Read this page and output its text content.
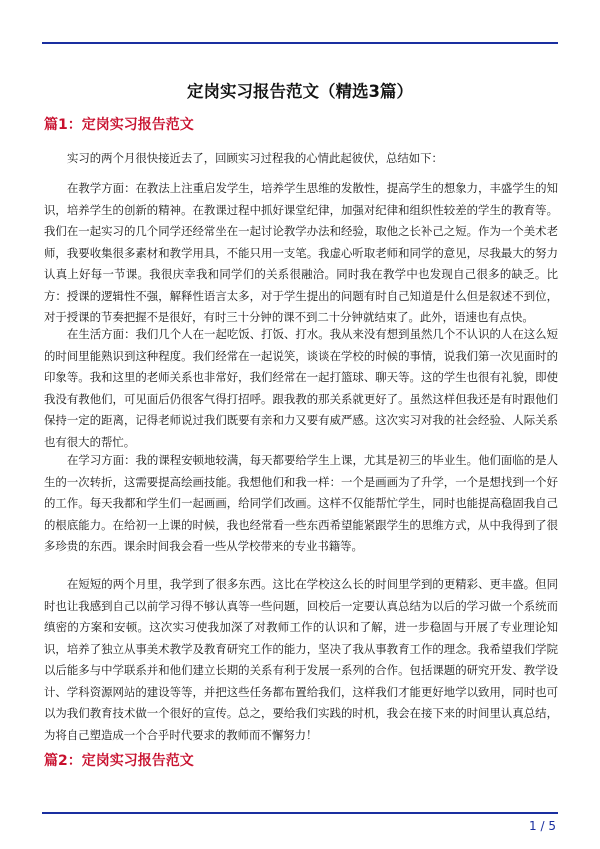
定岗实习报告范文（精选3篇）
篇1：定岗实习报告范文

实习的两个月很快接近去了，回顾实习过程我的心情此起彼伏，总结如下：

在教学方面：在教法上注重启发学生，培养学生思维的发散性，提高学生的想象力，丰盛学生的知识，培养学生的创新的精神。在教课过程中抓好课堂纪律，加强对纪律和组织性较差的学生的教育等。我们在一起实习的几个同学还经常坐在一起讨论教学办法和经验，取他之长补己之短。作为一个美术老师，我要收集很多素材和教学用具，不能只用一支笔。我虚心听取老师和同学的意见，尽我最大的努力认真上好每一节课。我很庆幸我和同学们的关系很融洽。同时我在教学中也发现自己很多的缺乏。比方：授课的逻辑性不强，解释性语言太多，对于学生提出的问题有时自己知道是什么但是叙述不到位，对于授课的节奏把握不是很好，有时三十分钟的课不到二十分钟就结束了。此外，语速也有点快。

在生活方面：我们几个人在一起吃饭、打饭、打水。我从来没有想到虽然几个不认识的人在这么短的时间里能熟识到这种程度。我们经常在一起说笑，谈谈在学校的时候的事情，说我们第一次见面时的印象等。我和这里的老师关系也非常好，我们经常在一起打篮球、聊天等。这的学生也很有礼貌，即使我没有教他们，可见面后仍很客气得打招呼。跟我教的那关系就更好了。虽然这样但我还是有时跟他们保持一定的距离，记得老师说过我们既要有亲和力又要有威严感。这次实习对我的社会经验、人际关系也有很大的帮忙。

在学习方面：我的课程安顿地较满，每天都要给学生上课，尤其是初三的毕业生。他们面临的是人生的一次转折，这需要提高绘画技能。我想他们和我一样：一个是画画为了升学，一个是想找到一个好的工作。每天我都和学生们一起画画，给同学们改画。这样不仅能帮忙学生，同时也能提高稳固我自己的根底能力。在给初一上课的时候，我也经常看一些东西希望能紧跟学生的思维方式，从中我得到了很多珍贵的东西。课余时间我会看一些从学校带来的专业书籍等。

在短短的两个月里，我学到了很多东西。这比在学校这么长的时间里学到的更精彩、更丰盛。但同时也让我感到自己以前学习得不够认真等一些问题，回校后一定要认真总结为以后的学习做一个系统而缜密的方案和安顿。这次实习使我加深了对教师工作的认识和了解，进一步稳固与开展了专业理论知识，培养了独立从事美术教学及教育研究工作的能力，坚决了我从事教育工作的理念。我希望我们学院以后能多与中学联系并和他们建立长期的关系有利于发展一系列的合作。包括课题的研究开发、教学设计、学科资源网站的建设等等，并把这些任务都布置给我们，这样我们才能更好地学以致用，同时也可以为我们教育技术做一个很好的宣传。总之，要给我们实践的时机，我会在接下来的时间里认真总结，为将自己塑造成一个合乎时代要求的教师而不懈努力！

篇2：定岗实习报告范文
1 / 5
